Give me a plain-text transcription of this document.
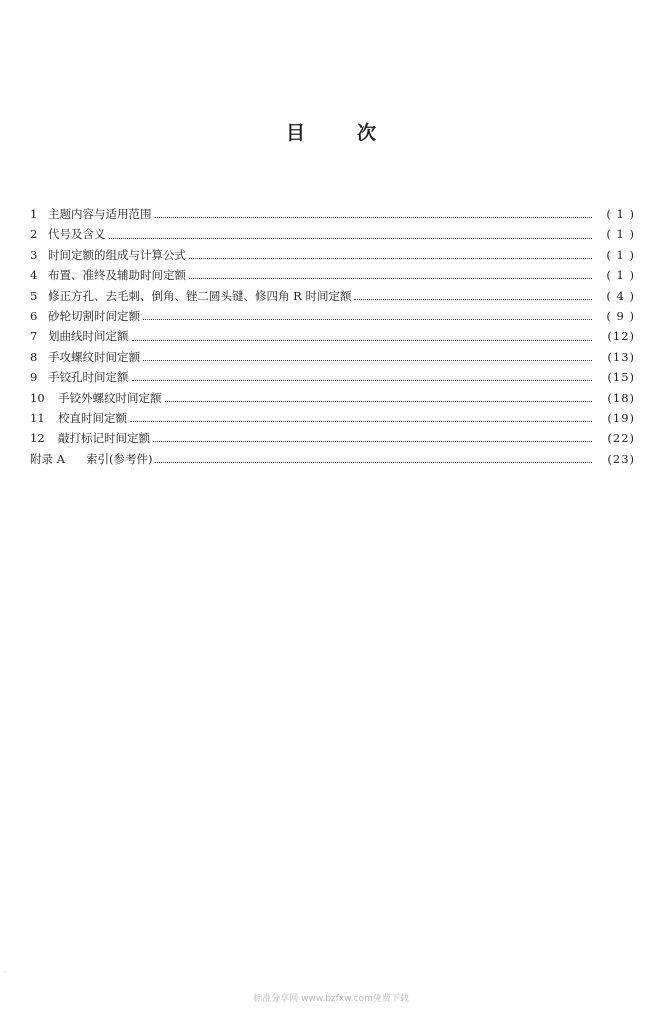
目	次
1 主题内容与适用范围	( 1 )
2 代号及含义	( 1 )
3 时间定额的组成与计算公式	( 1 )
4 布置、准终及辅助时间定额	( 1 )
5 修正方孔、去毛刺、倒角、锉二圆头键、修四角 R 时间定额	( 4 )
6 砂轮切割时间定额	( 9 )
7 划曲线时间定额	(12)
8 手攻螺纹时间定额	(13)
9 手铰孔时间定额	(15)
10	手铰外螺纹时间定额	(18)
11	校直时间定额	(19)
12	敲打标记时间定额	(22)
附录 A	索引(参考件)	(23)
·
标准分享网 www.bzfxw.com免费下载
